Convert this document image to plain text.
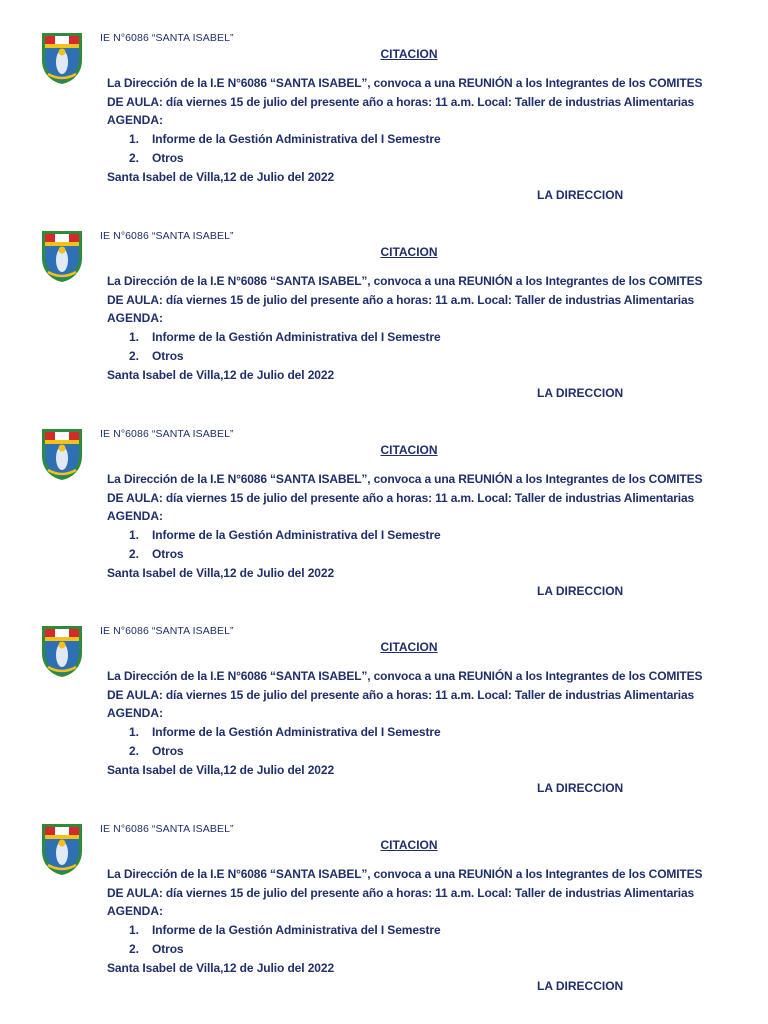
IE N°6086 “SANTA ISABEL”
CITACION
La Dirección de la I.E N°6086 “SANTA ISABEL”, convoca a una REUNIÓN a los Integrantes de los COMITES DE AULA: día viernes 15 de julio del presente año a horas: 11 a.m. Local: Taller de industrias Alimentarias
AGENDA:
1. Informe de la Gestión Administrativa del I Semestre
2. Otros
Santa Isabel de Villa,12 de Julio del 2022
LA DIRECCION
IE N°6086 “SANTA ISABEL”
CITACION
La Dirección de la I.E N°6086 “SANTA ISABEL”, convoca a una REUNIÓN a los Integrantes de los COMITES DE AULA: día viernes 15 de julio del presente año a horas: 11 a.m. Local: Taller de industrias Alimentarias
AGENDA:
1. Informe de la Gestión Administrativa del I Semestre
2. Otros
Santa Isabel de Villa,12 de Julio del 2022
LA DIRECCION
IE N°6086 “SANTA ISABEL”
CITACION
La Dirección de la I.E N°6086 “SANTA ISABEL”, convoca a una REUNIÓN a los Integrantes de los COMITES DE AULA: día viernes 15 de julio del presente año a horas: 11 a.m. Local: Taller de industrias Alimentarias
AGENDA:
1. Informe de la Gestión Administrativa del I Semestre
2. Otros
Santa Isabel de Villa,12 de Julio del 2022
LA DIRECCION
IE N°6086 “SANTA ISABEL”
CITACION
La Dirección de la I.E N°6086 “SANTA ISABEL”, convoca a una REUNIÓN a los Integrantes de los COMITES DE AULA: día viernes 15 de julio del presente año a horas: 11 a.m. Local: Taller de industrias Alimentarias
AGENDA:
1. Informe de la Gestión Administrativa del I Semestre
2. Otros
Santa Isabel de Villa,12 de Julio del 2022
LA DIRECCION
IE N°6086 “SANTA ISABEL”
CITACION
La Dirección de la I.E N°6086 “SANTA ISABEL”, convoca a una REUNIÓN a los Integrantes de los COMITES DE AULA: día viernes 15 de julio del presente año a horas: 11 a.m. Local: Taller de industrias Alimentarias
AGENDA:
1. Informe de la Gestión Administrativa del I Semestre
2. Otros
Santa Isabel de Villa,12 de Julio del 2022
LA DIRECCION
